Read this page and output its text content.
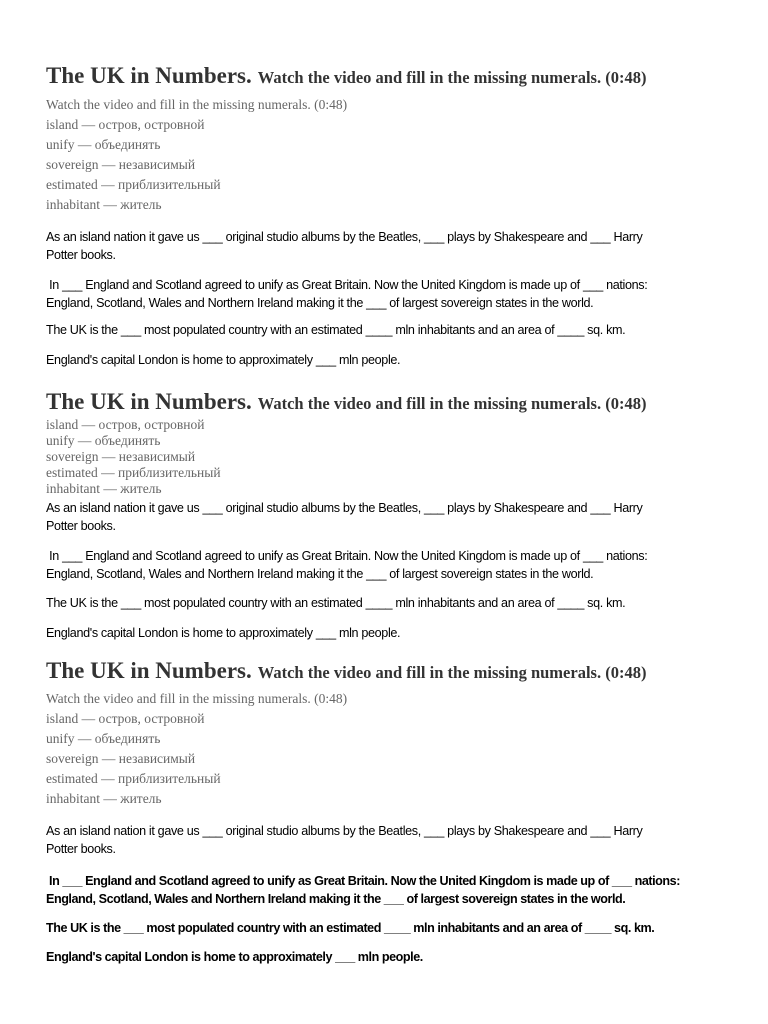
The UK in Numbers. Watch the video and fill in the missing numerals. (0:48)
Watch the video and fill in the missing numerals. (0:48)
island — остров, островной
unify — объединять
sovereign — независимый
estimated — приблизительный
inhabitant — житель
As an island nation it gave us ___ original studio albums by the Beatles, ___ plays by Shakespeare and ___ Harry
Potter books.
In ___ England and Scotland agreed to unify as Great Britain. Now the United Kingdom is made up of ___ nations:
England, Scotland, Wales and Northern Ireland making it the ___ of largest sovereign states in the world.
The UK is the ___ most populated country with an estimated ____ mln inhabitants and an area of ____ sq. km.
England's capital London is home to approximately ___ mln people.
The UK in Numbers. Watch the video and fill in the missing numerals. (0:48)
island — остров, островной
unify — объединять
sovereign — независимый
estimated — приблизительный
inhabitant — житель
As an island nation it gave us ___ original studio albums by the Beatles, ___ plays by Shakespeare and ___ Harry
Potter books.
In ___ England and Scotland agreed to unify as Great Britain. Now the United Kingdom is made up of ___ nations:
England, Scotland, Wales and Northern Ireland making it the ___ of largest sovereign states in the world.
The UK is the ___ most populated country with an estimated ____ mln inhabitants and an area of ____ sq. km.
England's capital London is home to approximately ___ mln people.
The UK in Numbers. Watch the video and fill in the missing numerals. (0:48)
Watch the video and fill in the missing numerals. (0:48)
island — остров, островной
unify — объединять
sovereign — независимый
estimated — приблизительный
inhabitant — житель
As an island nation it gave us ___ original studio albums by the Beatles, ___ plays by Shakespeare and ___ Harry
Potter books.
In ___ England and Scotland agreed to unify as Great Britain. Now the United Kingdom is made up of ___ nations:
England, Scotland, Wales and Northern Ireland making it the ___ of largest sovereign states in the world.
The UK is the ___ most populated country with an estimated ____ mln inhabitants and an area of ____ sq. km.
England's capital London is home to approximately ___ mln people.
